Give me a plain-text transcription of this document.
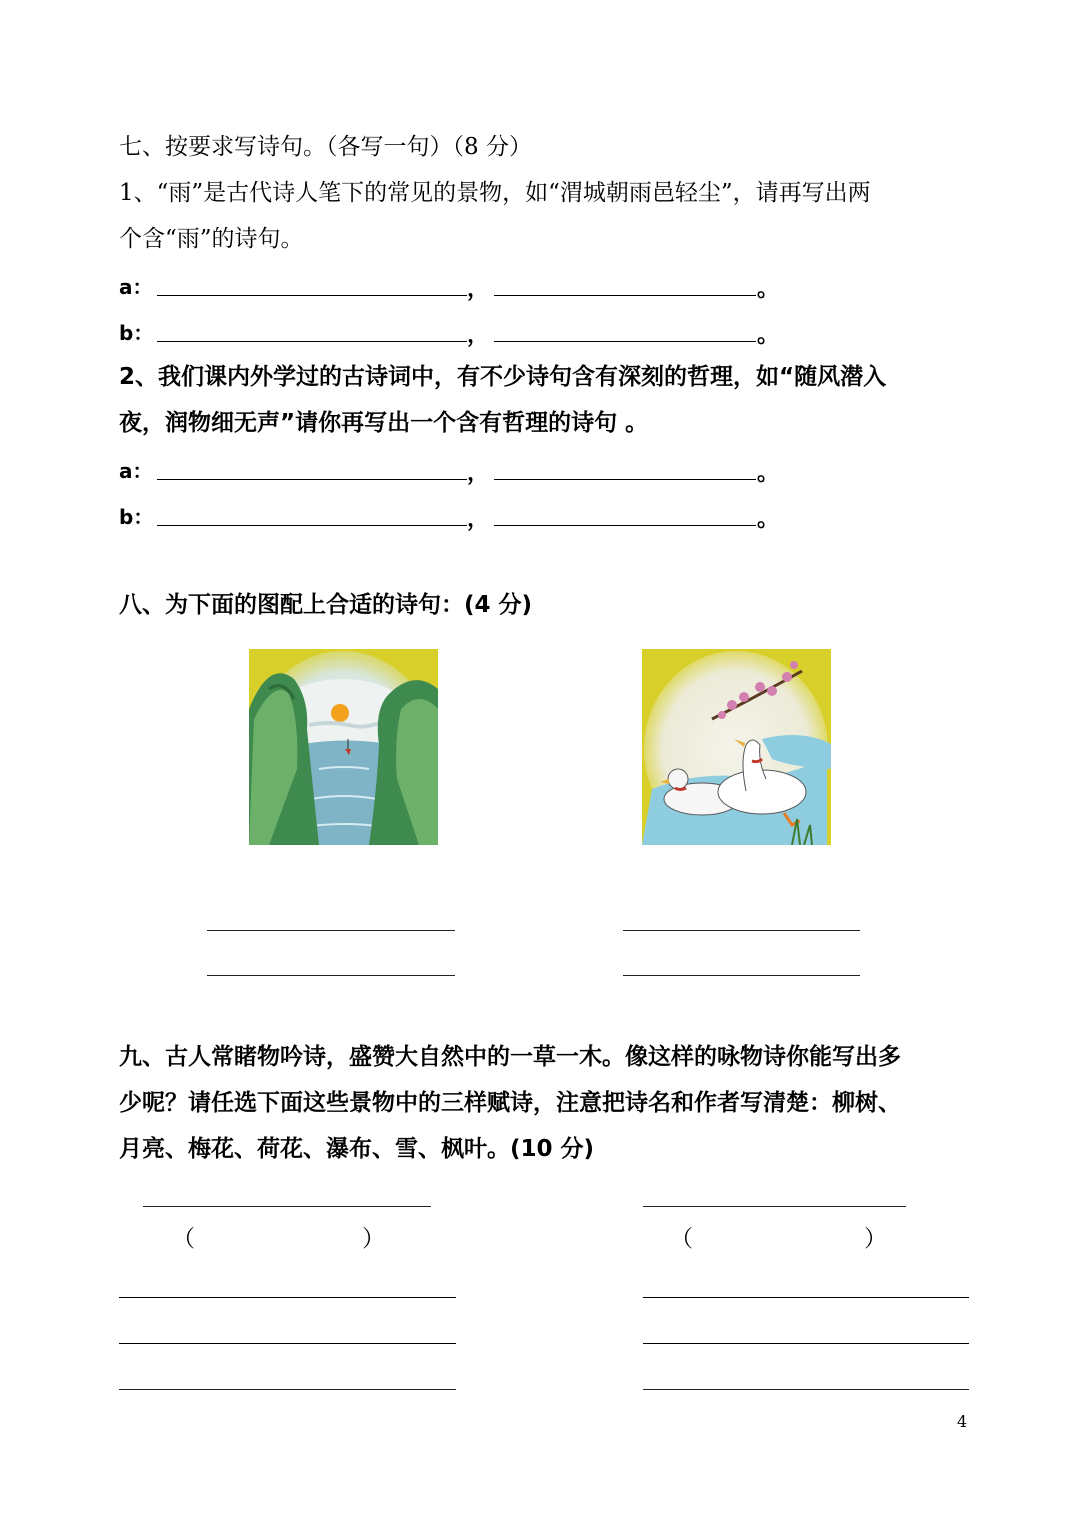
七、按要求写诗句。（各写一句）（8 分）
1、“雨”是古代诗人笔下的常见的景物，如“渭城朝雨邑轻尘”，请再写出两
个含“雨”的诗句。
a：	，	。
b：	，	。
2、我们课内外学过的古诗词中，有不少诗句含有深刻的哲理，如“随风潜入
夜，润物细无声”请你再写出一个含有哲理的诗句 。
a：	，	。
b：	，	。
八、为下面的图配上合适的诗句：(4 分)
九、古人常睹物吟诗，盛赞大自然中的一草一木。像这样的咏物诗你能写出多
少呢？请任选下面这些景物中的三样赋诗，注意把诗名和作者写清楚：柳树、
月亮、梅花、荷花、瀑布、雪、枫叶。(10 分)
（	）	（	）
4
